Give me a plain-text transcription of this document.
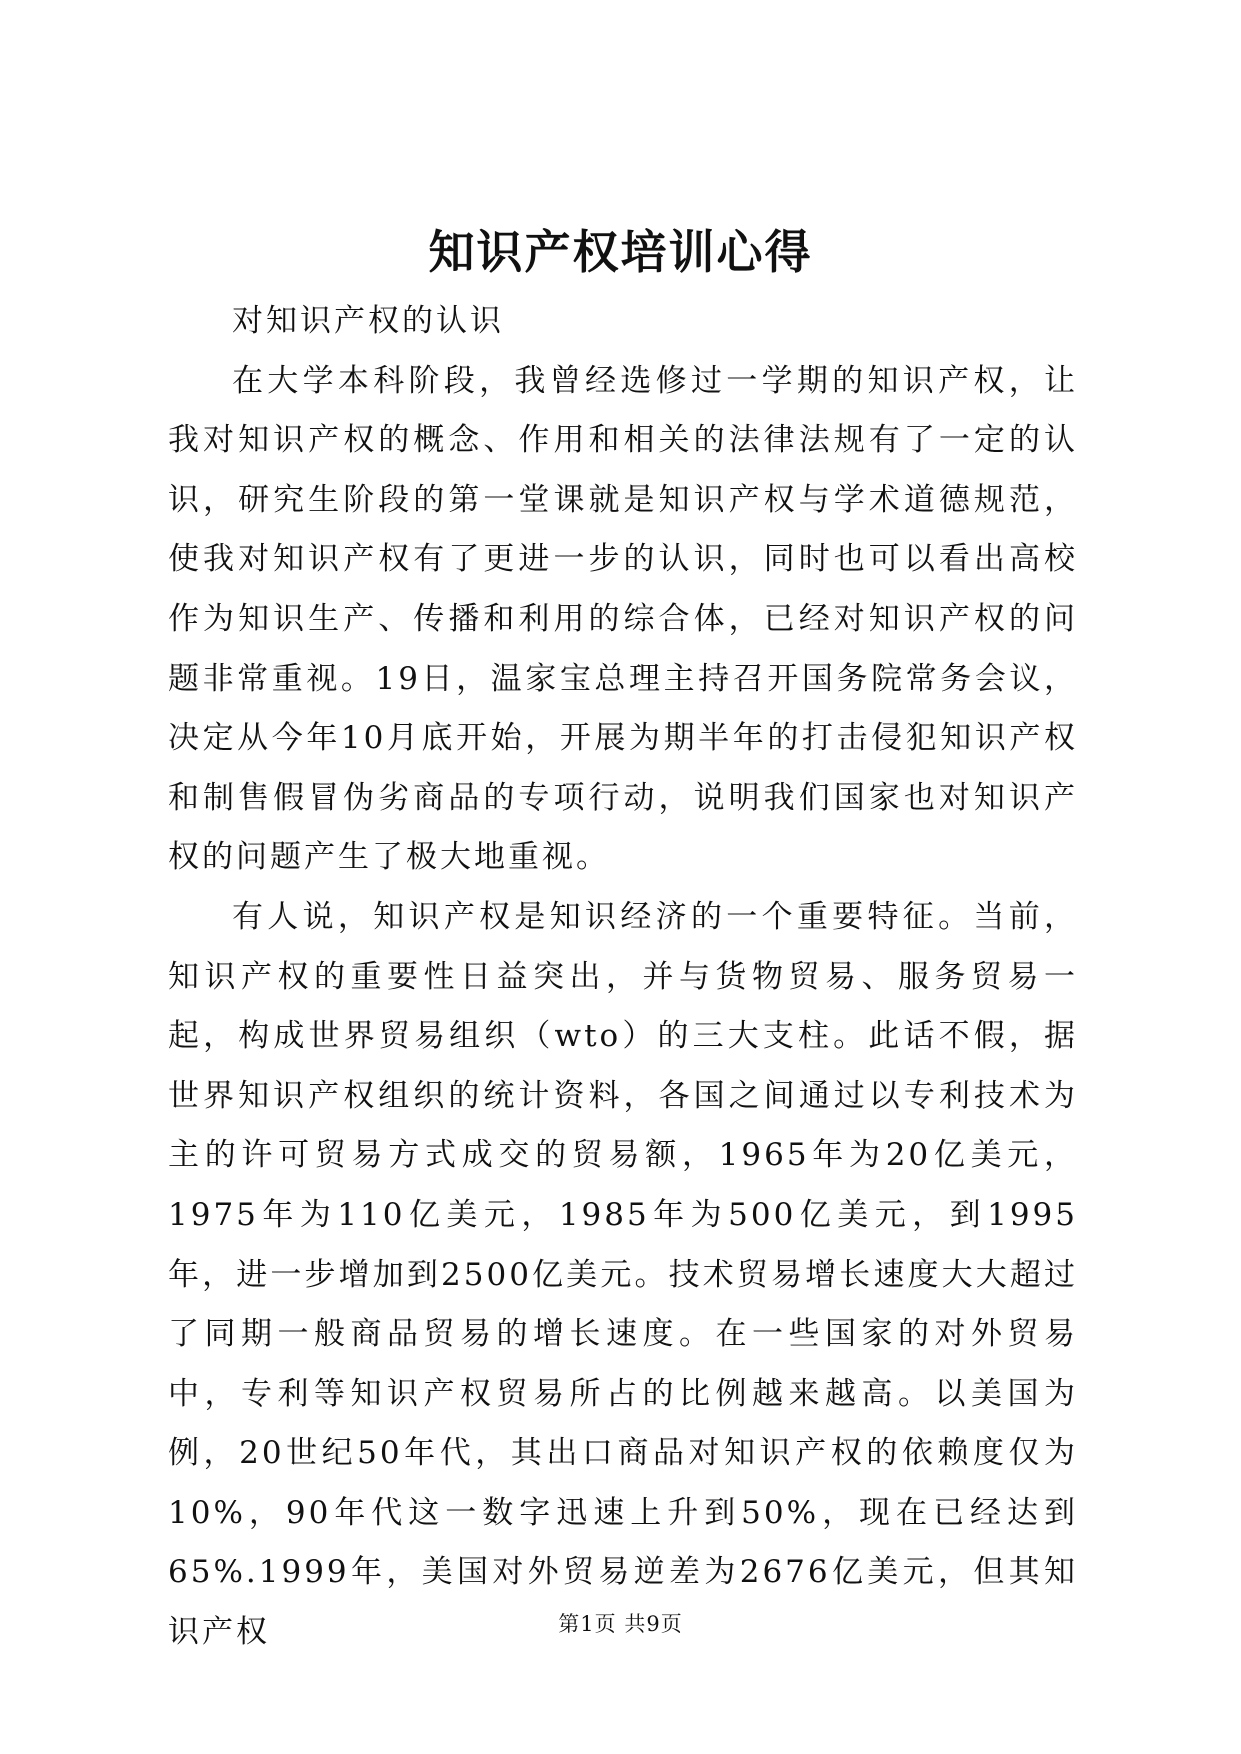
知识产权培训心得

对知识产权的认识

在大学本科阶段，我曾经选修过一学期的知识产权，让我对知识产权的概念、作用和相关的法律法规有了一定的认识，研究生阶段的第一堂课就是知识产权与学术道德规范，使我对知识产权有了更进一步的认识，同时也可以看出高校作为知识生产、传播和利用的综合体，已经对知识产权的问题非常重视。19日，温家宝总理主持召开国务院常务会议，决定从今年10月底开始，开展为期半年的打击侵犯知识产权和制售假冒伪劣商品的专项行动，说明我们国家也对知识产权的问题产生了极大地重视。

有人说，知识产权是知识经济的一个重要特征。当前，知识产权的重要性日益突出，并与货物贸易、服务贸易一起，构成世界贸易组织（wto）的三大支柱。此话不假，据世界知识产权组织的统计资料，各国之间通过以专利技术为主的许可贸易方式成交的贸易额，1965年为20亿美元，1975年为110亿美元，1985年为500亿美元，到1995年，进一步增加到2500亿美元。技术贸易增长速度大大超过了同期一般商品贸易的增长速度。在一些国家的对外贸易中，专利等知识产权贸易所占的比例越来越高。以美国为例，20世纪50年代，其出口商品对知识产权的依赖度仅为10%，90年代这一数字迅速上升到50%，现在已经达到65%.1999年，美国对外贸易逆差为2676亿美元，但其知识产权	第1页 共9页
